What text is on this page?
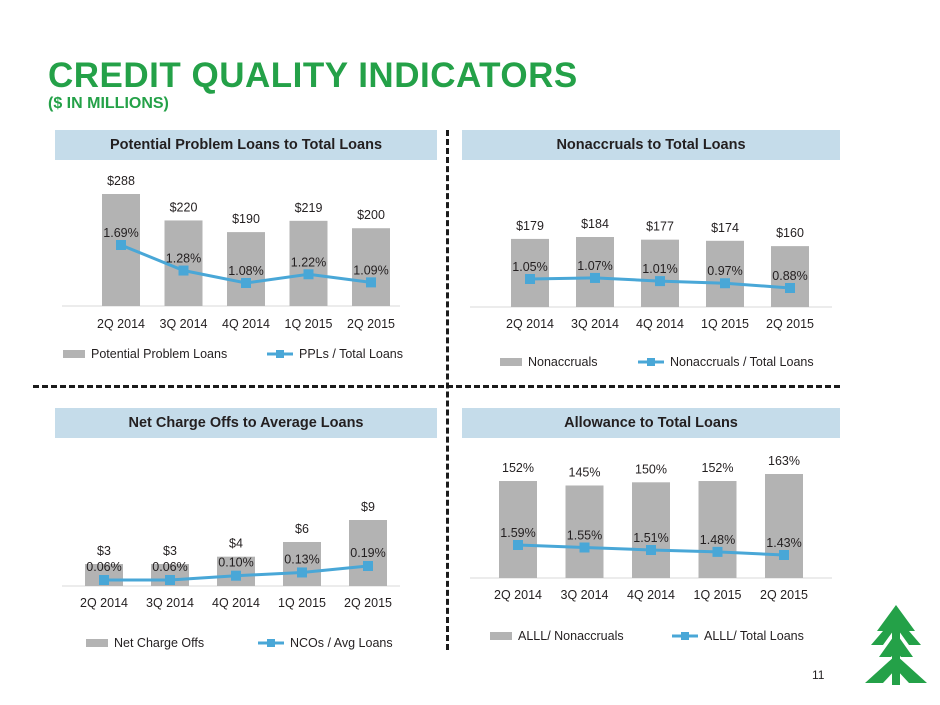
CREDIT QUALITY INDICATORS
($ IN MILLIONS)
Potential Problem Loans to Total Loans	Nonaccruals to Total Loans
Net Charge Offs to Average Loans	Allowance to Total Loans
$288
$220
$190
$219
$200
1.69%
1.28%
1.08%
1.22%
1.09%
2Q 2014 3Q 2014 4Q 2014 1Q 2015 2Q 2015
Potential Problem Loans	PPLs / Total Loans
$179	$184	$177	$174	$160
1.05% 1.07% 1.01% 0.97% 0.88%
2Q 2014 3Q 2014 4Q 2014 1Q 2015 2Q 2015
Nonaccruals	Nonaccruals / Total Loans
$3	$3
$4
$6
$9
0.06% 0.06% 0.10% 0.13% 0.19%
2Q 2014 3Q 2014 4Q 2014 1Q 2015 2Q 2015
Net Charge Offs	NCOs / Avg Loans
152%	145%	150%	152%
163%
1.59% 1.55% 1.51% 1.48% 1.43%
2Q 2014 3Q 2014 4Q 2014 1Q 2015 2Q 2015
ALLL/ Nonaccruals	ALLL/ Total Loans
11
